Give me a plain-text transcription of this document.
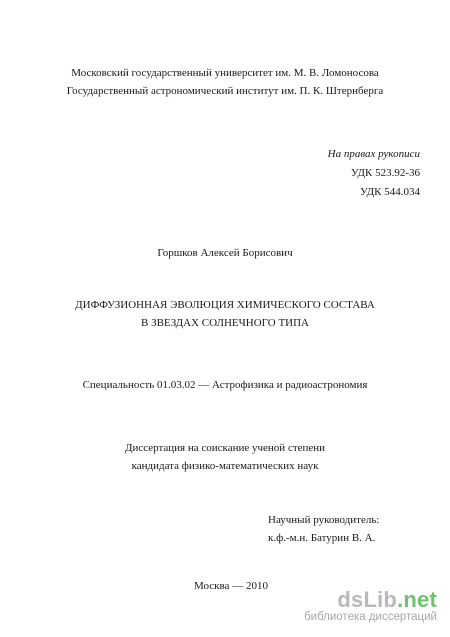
Московский государственный университет им. М. В. Ломоносова
Государственный астрономический институт им. П. К. Штернберга
На правах рукописи
УДК 523.92-36
УДК 544.034
Горшков Алексей Борисович
ДИФФУЗИОННАЯ ЭВОЛЮЦИЯ ХИМИЧЕСКОГО СОСТАВА
В ЗВЕЗДАХ СОЛНЕЧНОГО ТИПА
Специальность 01.03.02 — Астрофизика и радиоастрономия
Диссертация на соискание ученой степени
кандидата физико-математических наук
Научный руководитель:
к.ф.-м.н. Батурин В. А.
Москва — 2010
dsLib.net
библиотека диссертаций
